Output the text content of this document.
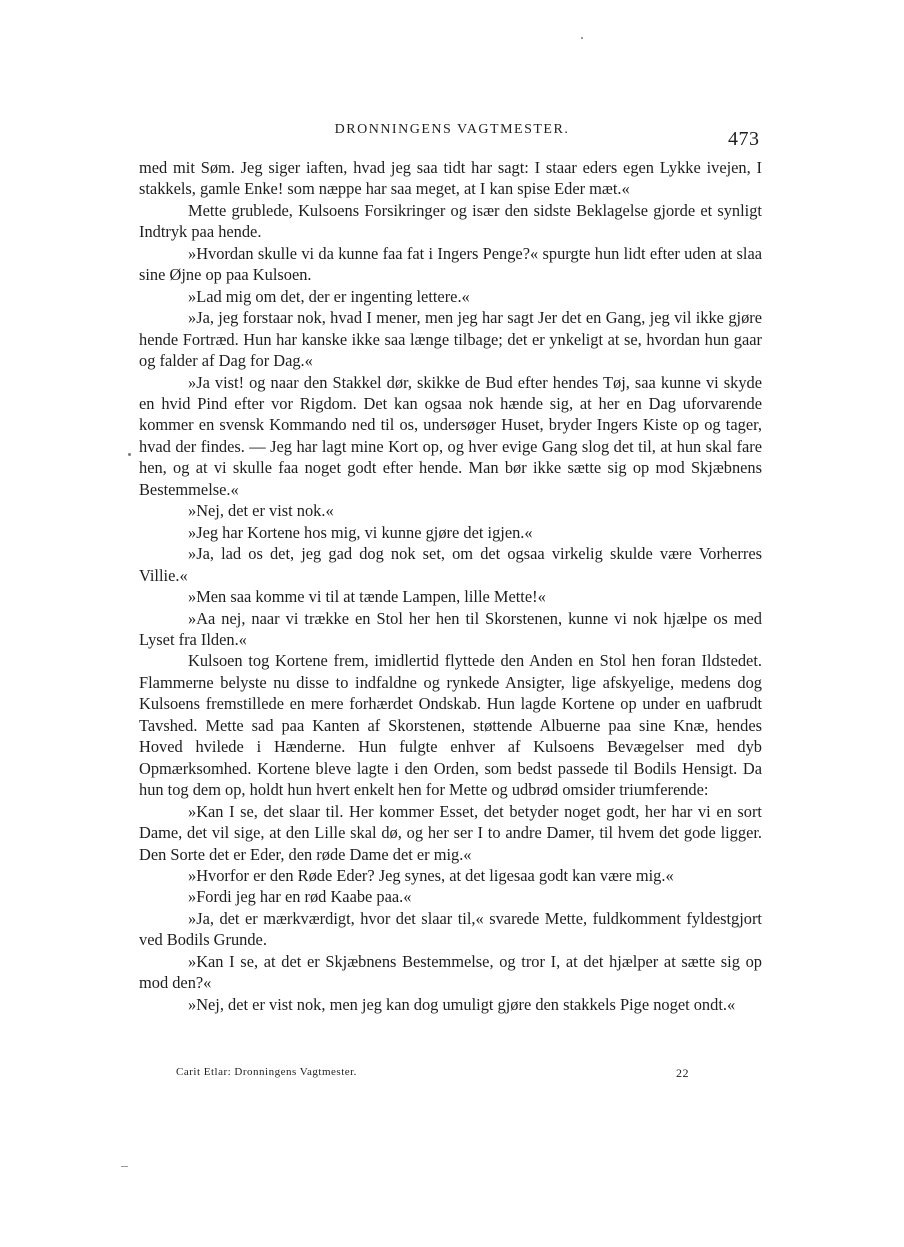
DRONNINGENS VAGTMESTER.	473

med mit Søm. Jeg siger iaften, hvad jeg saa tidt har sagt: I staar eders egen Lykke ivejen, I stakkels, gamle Enke! som næppe har saa meget, at I kan spise Eder mæt.«

Mette grublede, Kulsoens Forsikringer og især den sidste Beklagelse gjorde et synligt Indtryk paa hende.

»Hvordan skulle vi da kunne faa fat i Ingers Penge?« spurgte hun lidt efter uden at slaa sine Øjne op paa Kulsoen.

»Lad mig om det, der er ingenting lettere.«

»Ja, jeg forstaar nok, hvad I mener, men jeg har sagt Jer det en Gang, jeg vil ikke gjøre hende Fortræd. Hun har kanske ikke saa længe tilbage; det er ynkeligt at se, hvordan hun gaar og falder af Dag for Dag.«

»Ja vist! og naar den Stakkel dør, skikke de Bud efter hendes Tøj, saa kunne vi skyde en hvid Pind efter vor Rigdom. Det kan ogsaa nok hænde sig, at her en Dag uforvarende kommer en svensk Kommando ned til os, undersøger Huset, bryder Ingers Kiste op og tager, hvad der findes. — Jeg har lagt mine Kort op, og hver evige Gang slog det til, at hun skal fare hen, og at vi skulle faa noget godt efter hende. Man bør ikke sætte sig op mod Skjæbnens Bestemmelse.«

»Nej, det er vist nok.«

»Jeg har Kortene hos mig, vi kunne gjøre det igjen.«

»Ja, lad os det, jeg gad dog nok set, om det ogsaa virkelig skulde være Vorherres Villie.«

»Men saa komme vi til at tænde Lampen, lille Mette!«

»Aa nej, naar vi trække en Stol her hen til Skorstenen, kunne vi nok hjælpe os med Lyset fra Ilden.«

Kulsoen tog Kortene frem, imidlertid flyttede den Anden en Stol hen foran Ildstedet. Flammerne belyste nu disse to indfaldne og rynkede Ansigter, lige afskyelige, medens dog Kulsoens fremstillede en mere forhærdet Ondskab. Hun lagde Kortene op under en uafbrudt Tavshed. Mette sad paa Kanten af Skorstenen, støttende Albuerne paa sine Knæ, hendes Hoved hvilede i Hænderne. Hun fulgte enhver af Kulsoens Bevægelser med dyb Opmærksomhed. Kortene bleve lagte i den Orden, som bedst passede til Bodils Hensigt. Da hun tog dem op, holdt hun hvert enkelt hen for Mette og udbrød omsider triumferende:

»Kan I se, det slaar til. Her kommer Esset, det betyder noget godt, her har vi en sort Dame, det vil sige, at den Lille skal dø, og her ser I to andre Damer, til hvem det gode ligger. Den Sorte det er Eder, den røde Dame det er mig.«

»Hvorfor er den Røde Eder? Jeg synes, at det ligesaa godt kan være mig.«

»Fordi jeg har en rød Kaabe paa.«

»Ja, det er mærkværdigt, hvor det slaar til,« svarede Mette, fuldkomment fyldestgjort ved Bodils Grunde.

»Kan I se, at det er Skjæbnens Bestemmelse, og tror I, at det hjælper at sætte sig op mod den?«

»Nej, det er vist nok, men jeg kan dog umuligt gjøre den stakkels Pige noget ondt.«

Carit Etlar: Dronningens Vagtmester.	22
